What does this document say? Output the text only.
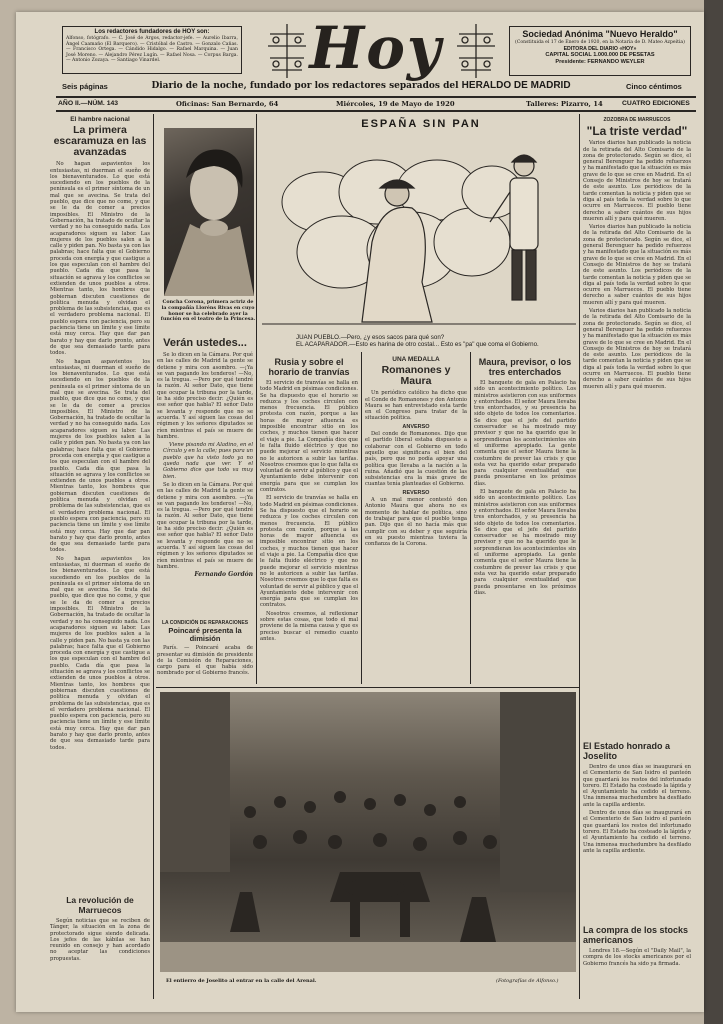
Los redactores fundadores de HOY son:
Alfonso, fotógrafo. — C. José de Argos, redactor-jefe. — Aurelio Ibarra, Ángel Caamaño (El Barquero). — Cristóbal de Castro. — Gonzalo Cañas. — Francisco Ortega. — Cándido Hidalgo. — Rafael Marquina. — Juan José Moreno. — Alejandro Pérez Lugín. — Rafael Nosa. — Corpus Barga. — Antonio Zozaya. — Santiago Vinardel.	Hoy	Sociedad Anónima "Nuevo Heraldo"
(Constituida el 17 de Enero de 1920, en la Notaría de D. Mateo Azpeitia)
EDITORA DEL DIARIO «HOY»
CAPITAL SOCIAL 1.000.000 DE PESETAS
Presidente: FERNANDO WEYLER
Seis páginas	Diario de la noche, fundado por los redactores separados del HERALDO DE MADRID	Cinco céntimos
AÑO II.—NÚM. 143	Oficinas: San Bernardo, 64	Miércoles, 19 de Mayo de 1920	Talleres: Pizarro, 14	CUATRO EDICIONES
El hambre nacional
La primera escaramuza en las avanzadas

No hagan aspavientos los entusiastas, ni duerman el sueño de los bienaventurados. Lo que está sucediendo en los pueblos de la península es el primer síntoma de un mal que se avecina. Se trata del pueblo, que dice que no come, y que se le da de comer a precios imposibles. El Ministro de la Gobernación, ha tratado de ocultar la verdad y no ha conseguido nada. Los acaparadores siguen su labor. Las mujeres de los pueblos salen a la calle y piden pan. No basta ya con las palabras; hace falta que el Gobierno proceda con energía y que castigue a los que especulan con el hambre del pueblo. Cada día que pasa la situación se agrava y los conflictos se extienden de unos pueblos a otros. Mientras tanto, los hombres que gobiernan discuten cuestiones de política menuda y olvidan el problema de las subsistencias, que es el verdadero problema nacional. El pueblo espera con paciencia, pero su paciencia tiene un límite y ese límite está muy cerca. Hay que dar pan barato y hay que darlo pronto, antes de que sea demasiado tarde para todos.

No hagan aspavientos los entusiastas, ni duerman el sueño de los bienaventurados. Lo que está sucediendo en los pueblos de la península es el primer síntoma de un mal que se avecina. Se trata del pueblo, que dice que no come, y que se le da de comer a precios imposibles. El Ministro de la Gobernación, ha tratado de ocultar la verdad y no ha conseguido nada. Los acaparadores siguen su labor. Las mujeres de los pueblos salen a la calle y piden pan. No basta ya con las palabras; hace falta que el Gobierno proceda con energía y que castigue a los que especulan con el hambre del pueblo. Cada día que pasa la situación se agrava y los conflictos se extienden de unos pueblos a otros. Mientras tanto, los hombres que gobiernan discuten cuestiones de política menuda y olvidan el problema de las subsistencias, que es el verdadero problema nacional. El pueblo espera con paciencia, pero su paciencia tiene un límite y ese límite está muy cerca. Hay que dar pan barato y hay que darlo pronto, antes de que sea demasiado tarde para todos.

No hagan aspavientos los entusiastas, ni duerman el sueño de los bienaventurados. Lo que está sucediendo en los pueblos de la península es el primer síntoma de un mal que se avecina. Se trata del pueblo, que dice que no come, y que se le da de comer a precios imposibles. El Ministro de la Gobernación, ha tratado de ocultar la verdad y no ha conseguido nada. Los acaparadores siguen su labor. Las mujeres de los pueblos salen a la calle y piden pan. No basta ya con las palabras; hace falta que el Gobierno proceda con energía y que castigue a los que especulan con el hambre del pueblo. Cada día que pasa la situación se agrava y los conflictos se extienden de unos pueblos a otros. Mientras tanto, los hombres que gobiernan discuten cuestiones de política menuda y olvidan el problema de las subsistencias, que es el verdadero problema nacional. El pueblo espera con paciencia, pero su paciencia tiene un límite y ese límite está muy cerca. Hay que dar pan barato y hay que darlo pronto, antes de que sea demasiado tarde para todos.

La revolución de Marruecos

Según noticias que se reciben de Tánger, la situación en la zona de protectorado sigue siendo delicada. Los jefes de las kábilas se han reunido en consejo y han acordado no aceptar las condiciones propuestas.

Concha Corona, primera actriz de la compañía Lloréns Rivas en cuyo honor se ha celebrado ayer la función en el teatro de la Princesa.
ESPAÑA SIN PAN
JUAN PUEBLO.—Pero, ¿y esos sacos para qué son?
EL ACAPARADOR.—Esto es harina de otro costal... Esto es "pa" que coma el Gobierno.
Verán ustedes...

Se lo dicen en la Cámara. Por qué en las calles de Madrid la gente se detiene y mira con asombro. —¡Ya se van pagando los tenderos! —No, es la tregua. —Pero por qué tendré la razón. Al señor Dato, que tiene que ocupar la tribuna por la tarde, le ha sido preciso decir: ¿Quién es ese señor que habla? El señor Dato se levanta y responde que no se acuerda. Y así siguen las cosas del régimen y los señores diputados se ríen mientras el país se muere de hambre.

Viene pisando mi Aladino, en el Círculo y en la calle; pues para un pueblo que ha visto todo ya no queda nada que ver. Y el Gobierno dice que todo va muy bien.

Se lo dicen en la Cámara. Por qué en las calles de Madrid la gente se detiene y mira con asombro. —¡Ya se van pagando los tenderos! —No, es la tregua. —Pero por qué tendré la razón. Al señor Dato, que tiene que ocupar la tribuna por la tarde, le ha sido preciso decir: ¿Quién es ese señor que habla? El señor Dato se levanta y responde que no se acuerda. Y así siguen las cosas del régimen y los señores diputados se ríen mientras el país se muere de hambre.

Fernando Gordón
LA CONDICIÓN DE REPARACIONES
Poincaré presenta la dimisión

París. — Poincaré acaba de presentar su dimisión de presidente de la Comisión de Reparaciones, cargo para el que había sido nombrado por el Gobierno francés.

Rusia y sobre el horario de tranvías

El servicio de tranvías se halla en todo Madrid en pésimas condiciones. Se ha dispuesto que el horario se reduzca y los coches circulen con menos frecuencia. El público protesta con razón, porque a las horas de mayor afluencia es imposible encontrar sitio en los coches, y muchos tienen que hacer el viaje a pie. La Compañía dice que le falta fluido eléctrico y que no puede mejorar el servicio mientras no le autoricen a subir las tarifas. Nosotros creemos que lo que falta es voluntad de servir al público y que el Ayuntamiento debe intervenir con energía para que se cumplan los contratos.

El servicio de tranvías se halla en todo Madrid en pésimas condiciones. Se ha dispuesto que el horario se reduzca y los coches circulen con menos frecuencia. El público protesta con razón, porque a las horas de mayor afluencia es imposible encontrar sitio en los coches, y muchos tienen que hacer el viaje a pie. La Compañía dice que le falta fluido eléctrico y que no puede mejorar el servicio mientras no le autoricen a subir las tarifas. Nosotros creemos que lo que falta es voluntad de servir al público y que el Ayuntamiento debe intervenir con energía para que se cumplan los contratos.

Nosotros creemos, al reflexionar sobre estas cosas, que todo el mal proviene de la misma causa y que es preciso buscar el remedio cuanto antes.

UNA MEDALLA
Romanones y Maura

Un periódico católico ha dicho que el Conde de Romanones y don Antonio Maura se han entrevistado esta tarde en el Congreso para tratar de la situación política.

ANVERSO

Del conde de Romanones. Dijo que el partido liberal estaba dispuesto a colaborar con el Gobierno en todo aquello que significara el bien del país, pero que no podía apoyar una política que llevaba a la nación a la ruina. Añadió que la cuestión de las subsistencias era la más grave de cuantas tenía planteadas el Gobierno.

REVERSO

A un mal menor contestó don Antonio Maura que ahora no es momento de hablar de política, sino de trabajar para que el pueblo tenga pan. Dijo que él no hacía más que cumplir con su deber y que seguiría en su puesto mientras tuviera la confianza de la Corona.

Maura, previsor, o los tres enterchados

El banquete de gala en Palacio ha sido un acontecimiento político. Los ministros asistieron con sus uniformes y entorchados. El señor Maura llevaba tres entorchados, y su presencia ha sido objeto de todos los comentarios. Se dice que el jefe del partido conservador se ha mostrado muy previsor y que no ha querido que le sorprendieran los acontecimientos sin el uniforme apropiado. La gente comenta que el señor Maura tiene la costumbre de prever las crisis y que esta vez ha querido estar preparado para cualquier eventualidad que pueda presentarse en los próximos días.

El banquete de gala en Palacio ha sido un acontecimiento político. Los ministros asistieron con sus uniformes y entorchados. El señor Maura llevaba tres entorchados, y su presencia ha sido objeto de todos los comentarios. Se dice que el jefe del partido conservador se ha mostrado muy previsor y que no ha querido que le sorprendieran los acontecimientos sin el uniforme apropiado. La gente comenta que el señor Maura tiene la costumbre de prever las crisis y que esta vez ha querido estar preparado para cualquier eventualidad que pueda presentarse en los próximos días.

ZOZOBRA DE MARRUECOS
"La triste verdad"

Varios diarios han publicado la noticia de la retirada del Alto Comisario de la zona de protectorado. Según se dice, el general Berenguer ha pedido refuerzos y ha manifestado que la situación es más grave de lo que se cree en Madrid. En el Consejo de Ministros de hoy se tratará de este asunto. Los periódicos de la tarde comentan la noticia y piden que se diga al país toda la verdad sobre lo que ocurre en Marruecos. El pueblo tiene derecho a saber cuántos de sus hijos mueren allí y para qué mueren.

Varios diarios han publicado la noticia de la retirada del Alto Comisario de la zona de protectorado. Según se dice, el general Berenguer ha pedido refuerzos y ha manifestado que la situación es más grave de lo que se cree en Madrid. En el Consejo de Ministros de hoy se tratará de este asunto. Los periódicos de la tarde comentan la noticia y piden que se diga al país toda la verdad sobre lo que ocurre en Marruecos. El pueblo tiene derecho a saber cuántos de sus hijos mueren allí y para qué mueren.

Varios diarios han publicado la noticia de la retirada del Alto Comisario de la zona de protectorado. Según se dice, el general Berenguer ha pedido refuerzos y ha manifestado que la situación es más grave de lo que se cree en Madrid. En el Consejo de Ministros de hoy se tratará de este asunto. Los periódicos de la tarde comentan la noticia y piden que se diga al país toda la verdad sobre lo que ocurre en Marruecos. El pueblo tiene derecho a saber cuántos de sus hijos mueren allí y para qué mueren.

El Estado honrado a Joselito

Dentro de unos días se inaugurará en el Cementerio de San Isidro el panteón que guardará los restos del infortunado torero. El Estado ha costeado la lápida y el Ayuntamiento ha cedido el terreno. Una inmensa muchedumbre ha desfilado ante la capilla ardiente.

Dentro de unos días se inaugurará en el Cementerio de San Isidro el panteón que guardará los restos del infortunado torero. El Estado ha costeado la lápida y el Ayuntamiento ha cedido el terreno. Una inmensa muchedumbre ha desfilado ante la capilla ardiente.

La compra de los stocks americanos

Londres 18.—Según el "Daily Mail", la compra de los stocks americanos por el Gobierno francés ha sido ya firmada.

El entierro de Joselito al entrar en la calle del Arenal.	(Fotografías de Alfonso.)
